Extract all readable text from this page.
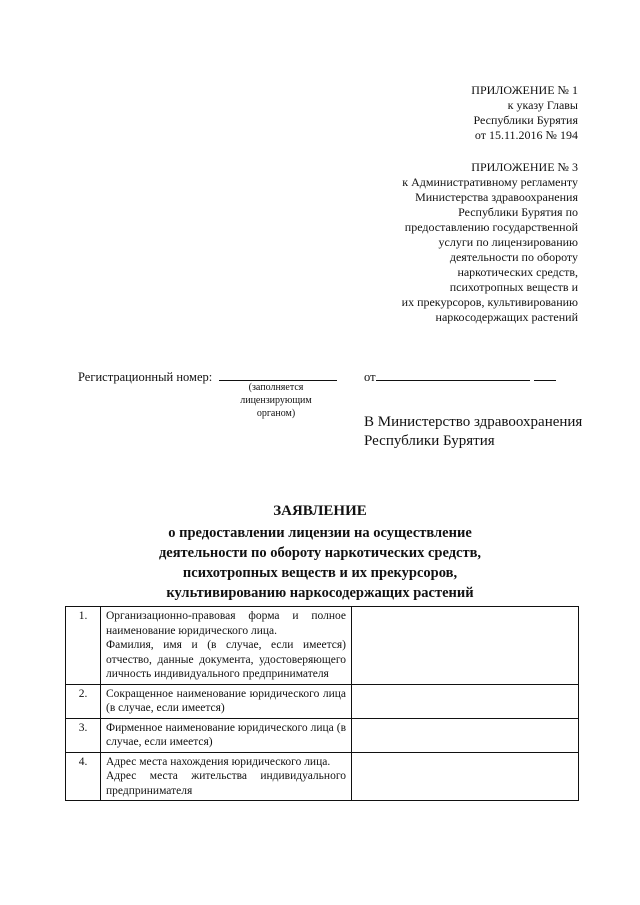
ПРИЛОЖЕНИЕ № 1
к указу Главы
Республики Бурятия
от 15.11.2016 № 194
ПРИЛОЖЕНИЕ № 3
к Административному регламенту
Министерства здравоохранения
Республики Бурятия по
предоставлению государственной
услуги по лицензированию
деятельности по обороту
наркотических средств,
психотропных веществ и
их прекурсоров, культивированию
наркосодержащих растений
Регистрационный номер:
(заполняется
лицензирующим
органом)
от
В Министерство здравоохранения
Республики Бурятия
ЗАЯВЛЕНИЕ
о предоставлении лицензии на осуществление
деятельности по обороту наркотических средств,
психотропных веществ и их прекурсоров,
культивированию наркосодержащих растений
1.	Организационно-правовая форма и полное наименование юридического лица.
Фамилия, имя и (в случае, если имеется) отчество, данные документа, удостоверяющего личность индивидуального предпринимателя	

2.	Сокращенное наименование юридического лица (в случае, если имеется)	

3.	Фирменное наименование юридического лица (в случае, если имеется)	

4.	Адрес места нахождения юридического лица.
Адрес места жительства индивидуального предпринимателя	
